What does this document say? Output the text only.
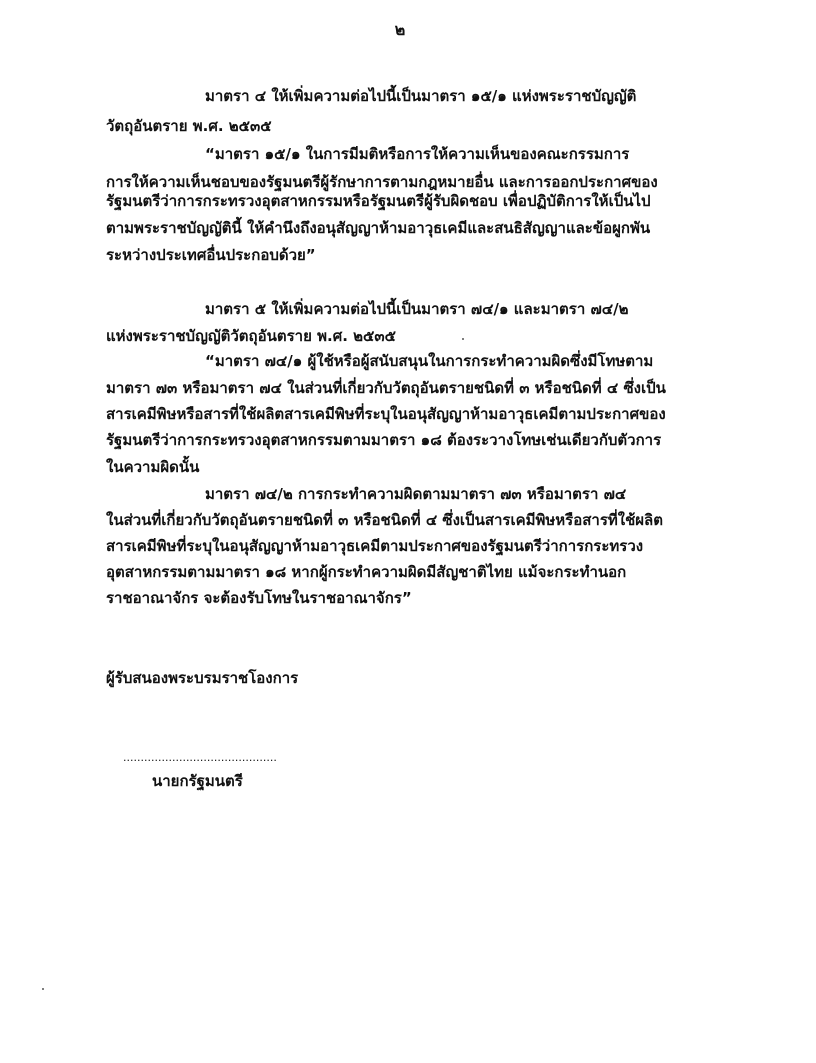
๒
มาตรา ๔ ให้เพิ่มความต่อไปนี้เป็นมาตรา ๑๕/๑ แห่งพระราชบัญญัติ
วัตถุอันตราย พ.ศ. ๒๕๓๕
“มาตรา ๑๕/๑ ในการมีมติหรือการให้ความเห็นของคณะกรรมการ
การให้ความเห็นชอบของรัฐมนตรีผู้รักษาการตามกฎหมายอื่น และการออกประกาศของ
รัฐมนตรีว่าการกระทรวงอุตสาหกรรมหรือรัฐมนตรีผู้รับผิดชอบ เพื่อปฏิบัติการให้เป็นไป
ตามพระราชบัญญัตินี้ ให้คำนึงถึงอนุสัญญาห้ามอาวุธเคมีและสนธิสัญญาและข้อผูกพัน
ระหว่างประเทศอื่นประกอบด้วย”
มาตรา ๕ ให้เพิ่มความต่อไปนี้เป็นมาตรา ๗๔/๑ และมาตรา ๗๔/๒
แห่งพระราชบัญญัติวัตถุอันตราย พ.ศ. ๒๕๓๕
“มาตรา ๗๔/๑ ผู้ใช้หรือผู้สนับสนุนในการกระทำความผิดซึ่งมีโทษตาม
มาตรา ๗๓ หรือมาตรา ๗๔ ในส่วนที่เกี่ยวกับวัตถุอันตรายชนิดที่ ๓ หรือชนิดที่ ๔ ซึ่งเป็น
สารเคมีพิษหรือสารที่ใช้ผลิตสารเคมีพิษที่ระบุในอนุสัญญาห้ามอาวุธเคมีตามประกาศของ
รัฐมนตรีว่าการกระทรวงอุตสาหกรรมตามมาตรา ๑๘ ต้องระวางโทษเช่นเดียวกับตัวการ
ในความผิดนั้น
มาตรา ๗๔/๒ การกระทำความผิดตามมาตรา ๗๓ หรือมาตรา ๗๔
ในส่วนที่เกี่ยวกับวัตถุอันตรายชนิดที่ ๓ หรือชนิดที่ ๔ ซึ่งเป็นสารเคมีพิษหรือสารที่ใช้ผลิต
สารเคมีพิษที่ระบุในอนุสัญญาห้ามอาวุธเคมีตามประกาศของรัฐมนตรีว่าการกระทรวง
อุตสาหกรรมตามมาตรา ๑๘ หากผู้กระทำความผิดมีสัญชาติไทย แม้จะกระทำนอก
ราชอาณาจักร จะต้องรับโทษในราชอาณาจักร”
ผู้รับสนองพระบรมราชโองการ
............................................
นายกรัฐมนตรี
